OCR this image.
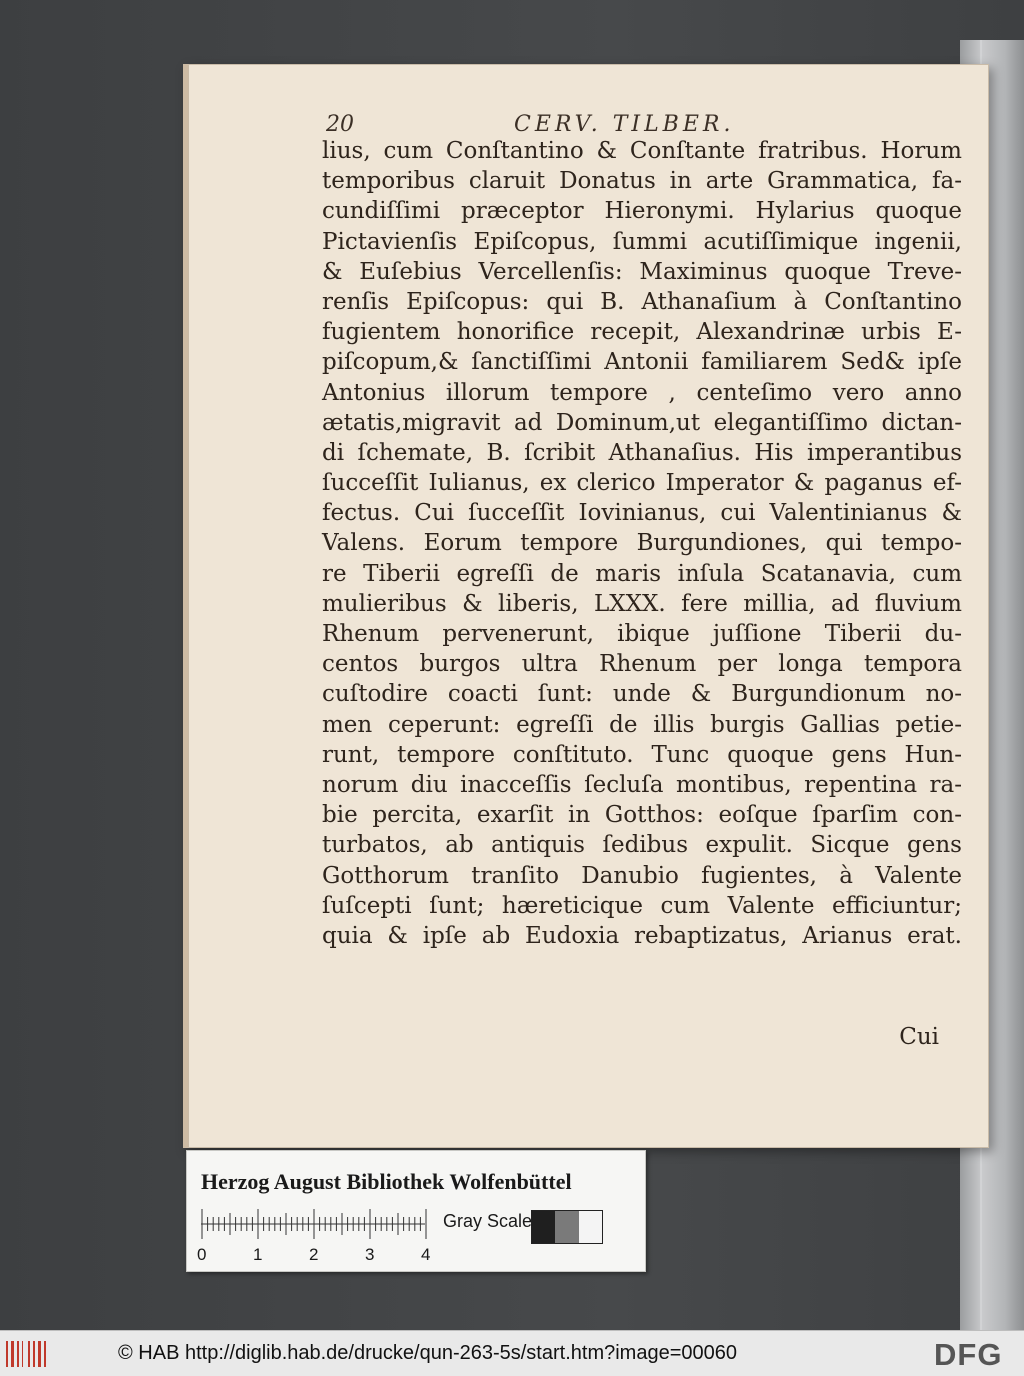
20	CERV. TILBER.
lius, cum Conſtantino & Conſtante fratribus. Horum
temporibus claruit Donatus in arte Grammatica, fa-
cundiſſimi præceptor Hieronymi. Hylarius quoque
Pictavienſis Epiſcopus, ſummi acutiſſimique ingenii,
& Euſebius Vercellenſis: Maximinus quoque Treve-
renſis Epiſcopus: qui B. Athanaſium à Conſtantino
fugientem honorifice recepit, Alexandrinæ urbis E-
piſcopum,& ſanctiſſimi Antonii familiarem Sed& ipſe
Antonius illorum tempore , centeſimo vero anno
ætatis,migravit ad Dominum,ut elegantiſſimo dictan-
di ſchemate, B. ſcribit Athanaſius. His imperantibus
ſucceſſit Iulianus, ex clerico Imperator & paganus ef-
fectus. Cui ſucceſſit Iovinianus, cui Valentinianus &
Valens. Eorum tempore Burgundiones, qui tempo-
re Tiberii egreſſi de maris inſula Scatanavia, cum
mulieribus & liberis, LXXX. fere millia, ad fluvium
Rhenum pervenerunt, ibique juſſione Tiberii du-
centos burgos ultra Rhenum per longa tempora
cuſtodire coacti ſunt: unde & Burgundionum no-
men ceperunt: egreſſi de illis burgis Gallias petie-
runt, tempore conſtituto. Tunc quoque gens Hun-
norum diu inacceſſis ſecluſa montibus, repentina ra-
bie percita, exarſit in Gotthos: eoſque ſparſim con-
turbatos, ab antiquis ſedibus expulit. Sicque gens
Gotthorum tranſito Danubio fugientes, à Valente
ſuſcepti ſunt; hæreticique cum Valente efficiuntur;
quia & ipſe ab Eudoxia rebaptizatus, Arianus erat.
Cui
Herzog August Bibliothek Wolfenbüttel
0	1	2	3	4
Gray Scale
© HAB http://diglib.hab.de/drucke/qun-263-5s/start.htm?image=00060	DFG
